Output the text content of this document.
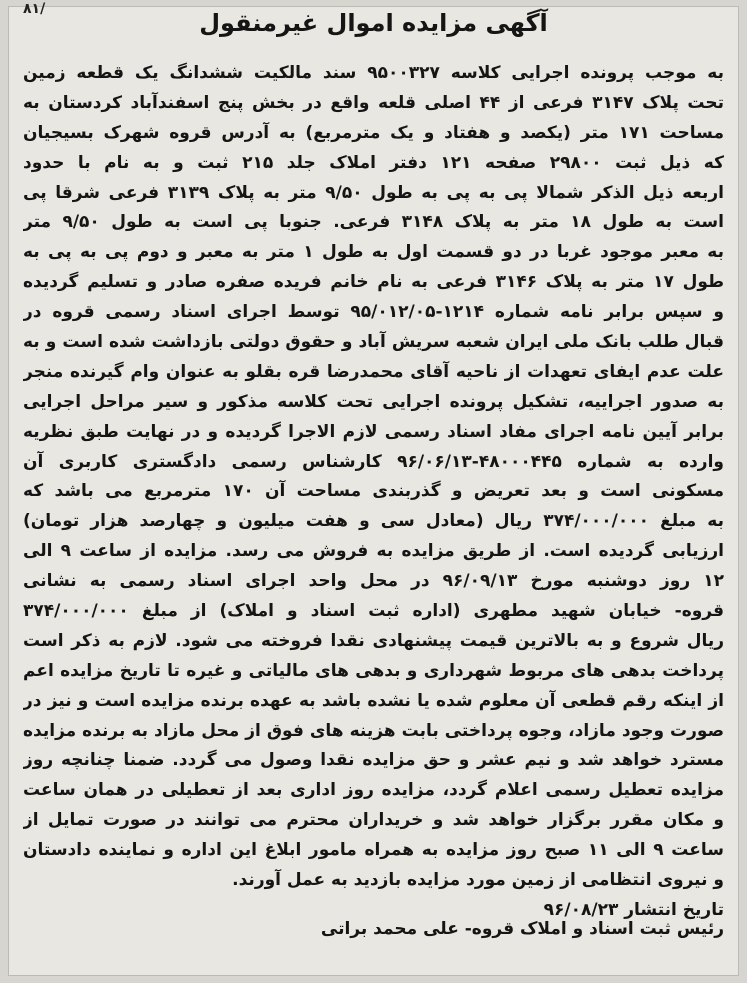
۸۱/	آگهی مزایده اموال غیرمنقول
به موجب پرونده اجرایی کلاسه ۹۵۰۰۳۲۷ سند مالکیت ششدانگ یک قطعه زمین
تحت پلاک ۳۱۴۷ فرعی از ۴۴ اصلی قلعه واقع در بخش پنج اسفندآباد کردستان به
مساحت ۱۷۱ متر (یکصد و هفتاد و یک مترمربع) به آدرس قروه شهرک بسیجیان
که ذیل ثبت ۲۹۸۰۰ صفحه ۱۲۱ دفتر املاک جلد ۲۱۵ ثبت و به نام با حدود
اربعه ذیل الذکر شمالا پی به پی به طول ۹/۵۰ متر به پلاک ۳۱۳۹ فرعی شرقا پی
است به طول ۱۸ متر به پلاک ۳۱۴۸ فرعی. جنوبا پی است به طول ۹/۵۰ متر
به معبر موجود غربا در دو قسمت اول به طول ۱ متر به معبر و دوم پی به پی به
طول ۱۷ متر به پلاک ۳۱۴۶ فرعی به نام خانم فریده صفره صادر و تسلیم گردیده
و سپس برابر نامه شماره ۱۲۱۴-۹۵/۰۱۲/۰۵ توسط اجرای اسناد رسمی قروه در
قبال طلب بانک ملی ایران شعبه سریش آباد و حقوق دولتی بازداشت شده است و به
علت عدم ایفای تعهدات از ناحیه آقای محمدرضا قره بقلو به عنوان وام گیرنده منجر
به صدور اجراییه، تشکیل پرونده اجرایی تحت کلاسه مذکور و سیر مراحل اجرایی
برابر آیین نامه اجرای مفاد اسناد رسمی لازم الاجرا گردیده و در نهایت طبق نظریه
وارده به شماره ۴۸۰۰۰۴۴۵-۹۶/۰۶/۱۳ کارشناس رسمی دادگستری کاربری آن
مسکونی است و بعد تعریض و گذربندی مساحت آن ۱۷۰ مترمربع می باشد که
به مبلغ ۳۷۴/۰۰۰/۰۰۰ ریال (معادل سی و هفت میلیون و چهارصد هزار تومان)
ارزیابی گردیده است. از طریق مزایده به فروش می رسد. مزایده از ساعت ۹ الی
۱۲ روز دوشنبه مورخ ۹۶/۰۹/۱۳ در محل واحد اجرای اسناد رسمی به نشانی
قروه- خیابان شهید مطهری (اداره ثبت اسناد و املاک) از مبلغ ۳۷۴/۰۰۰/۰۰۰
ریال شروع و به بالاترین قیمت پیشنهادی نقدا فروخته می شود. لازم به ذکر است
پرداخت بدهی های مربوط شهرداری و بدهی های مالیاتی و غیره تا تاریخ مزایده اعم
از اینکه رقم قطعی آن معلوم شده یا نشده باشد به عهده برنده مزایده است و نیز در
صورت وجود مازاد، وجوه پرداختی بابت هزینه های فوق از محل مازاد به برنده مزایده
مسترد خواهد شد و نیم عشر و حق مزایده نقدا وصول می گردد. ضمنا چنانچه روز
مزایده تعطیل رسمی اعلام گردد، مزایده روز اداری بعد از تعطیلی در همان ساعت
و مکان مقرر برگزار خواهد شد و خریداران محترم می توانند در صورت تمایل از
ساعت ۹ الی ۱۱ صبح روز مزایده به همراه مامور ابلاغ این اداره و نماینده دادستان
و نیروی انتظامی از زمین مورد مزایده بازدید به عمل آورند.
تاریخ انتشار ۹۶/۰۸/۲۳
رئیس ثبت اسناد و املاک قروه- علی محمد براتی
